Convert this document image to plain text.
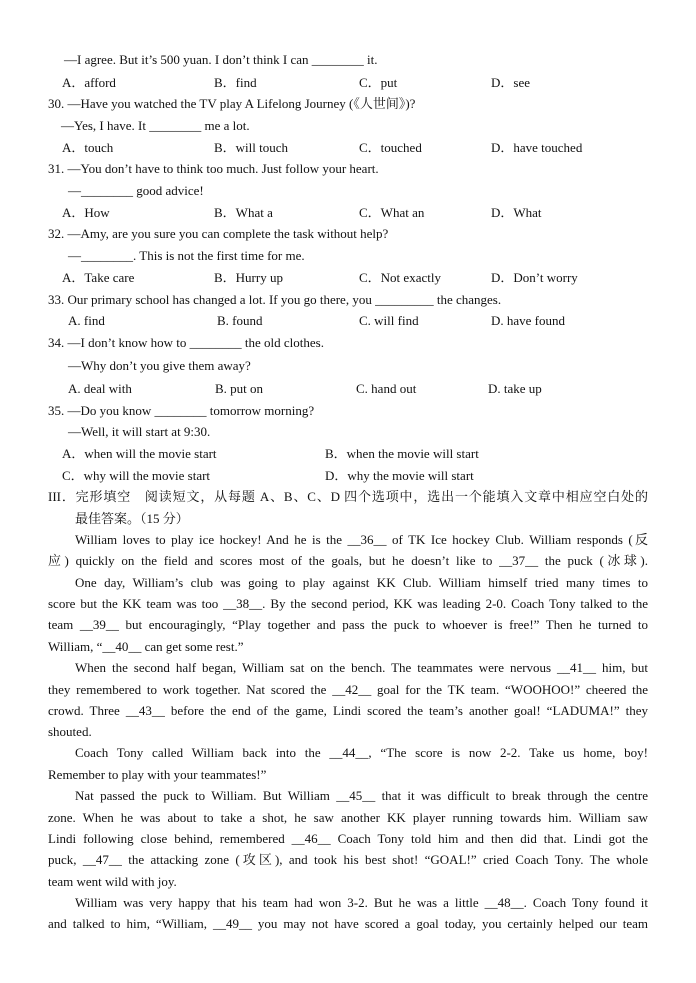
—I agree. But it’s 500 yuan. I don’t think I can ________ it.
A．afford	B．find	C．put	D．see
30. —Have you watched the TV play A Lifelong Journey (《人世间》)?
—Yes, I have. It ________ me a lot.
A．touch	B．will touch	C．touched	D．have touched
31. —You don’t have to think too much. Just follow your heart.
—________ good advice!
A．How	B．What a	C．What an	D．What
32. —Amy, are you sure you can complete the task without help?
—________. This is not the first time for me.
A．Take care	B．Hurry up	C．Not exactly	D．Don’t worry
33. Our primary school has changed a lot. If you go there, you _________ the changes.
A. find	B. found	C. will find	D. have found
34. —I don’t know how to ________ the old clothes.
—Why don’t you give them away?
A. deal with	B. put on	C. hand out	D. take up
35. —Do you know ________ tomorrow morning?
—Well, it will start at 9:30.
A．when will the movie start	B．when the movie will start
C．why will the movie start	D．why the movie will start
III．完形填空　阅读短文，从每题 A、B、C、D 四个选项中，选出一个能填入文章中相应空白处的
最佳答案。（15 分）
William loves to play ice hockey! And he is the __36__ of TK Ice hockey Club. William responds (反
应) quickly on the field and scores most of the goals, but he doesn’t like to __37__ the puck (冰球).
One day, William’s club was going to play against KK Club. William himself tried many times to
score but the KK team was too __38__. By the second period, KK was leading 2-0. Coach Tony talked to the
team __39__ but encouragingly, “Play together and pass the puck to whoever is free!” Then he turned to
William, “__40__ can get some rest.”
When the second half began, William sat on the bench. The teammates were nervous __41__ him, but
they remembered to work together. Nat scored the __42__ goal for the TK team. “WOOHOO!” cheered the
crowd. Three __43__ before the end of the game, Lindi scored the team’s another goal! “LADUMA!” they
shouted.
Coach Tony called William back into the __44__, “The score is now 2-2. Take us home, boy!
Remember to play with your teammates!”
Nat passed the puck to William. But William __45__ that it was difficult to break through the centre
zone. When he was about to take a shot, he saw another KK player running towards him. William saw
Lindi following close behind, remembered __46__ Coach Tony told him and then did that. Lindi got the
puck, __47__ the attacking zone (攻区), and took his best shot! “GOAL!” cried Coach Tony. The whole
team went wild with joy.
William was very happy that his team had won 3-2. But he was a little __48__. Coach Tony found it
and talked to him, “William, __49__ you may not have scored a goal today, you certainly helped our team
